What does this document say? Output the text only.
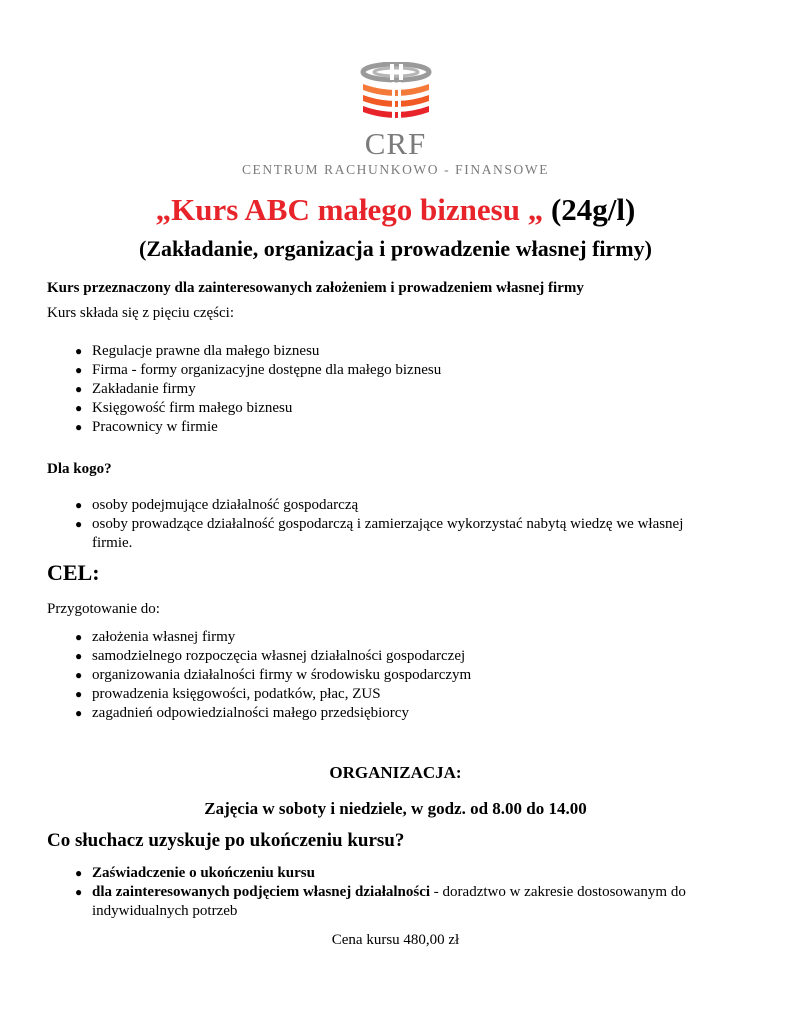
CRF
CENTRUM RACHUNKOWO - FINANSOWE
„Kurs ABC małego biznesu „ (24g/l)
(Zakładanie, organizacja i prowadzenie własnej firmy)
Kurs przeznaczony dla zainteresowanych założeniem i prowadzeniem własnej firmy
Kurs składa się z pięciu części:
● Regulacje prawne dla małego biznesu
● Firma - formy organizacyjne dostępne dla małego biznesu
● Zakładanie firmy
● Księgowość firm małego biznesu
● Pracownicy w firmie
Dla kogo?
● osoby podejmujące działalność gospodarczą
● osoby prowadzące działalność gospodarczą i zamierzające wykorzystać nabytą wiedzę we własnej firmie.
CEL:
Przygotowanie do:
● założenia własnej firmy
● samodzielnego rozpoczęcia własnej działalności gospodarczej
● organizowania działalności firmy w środowisku gospodarczym
● prowadzenia księgowości, podatków, płac, ZUS
● zagadnień odpowiedzialności małego przedsiębiorcy
ORGANIZACJA:
Zajęcia w soboty i niedziele, w godz. od 8.00 do 14.00
Co słuchacz uzyskuje po ukończeniu kursu?
● Zaświadczenie o ukończeniu kursu
● dla zainteresowanych podjęciem własnej działalności - doradztwo w zakresie dostosowanym do indywidualnych potrzeb
Cena kursu 480,00 zł
